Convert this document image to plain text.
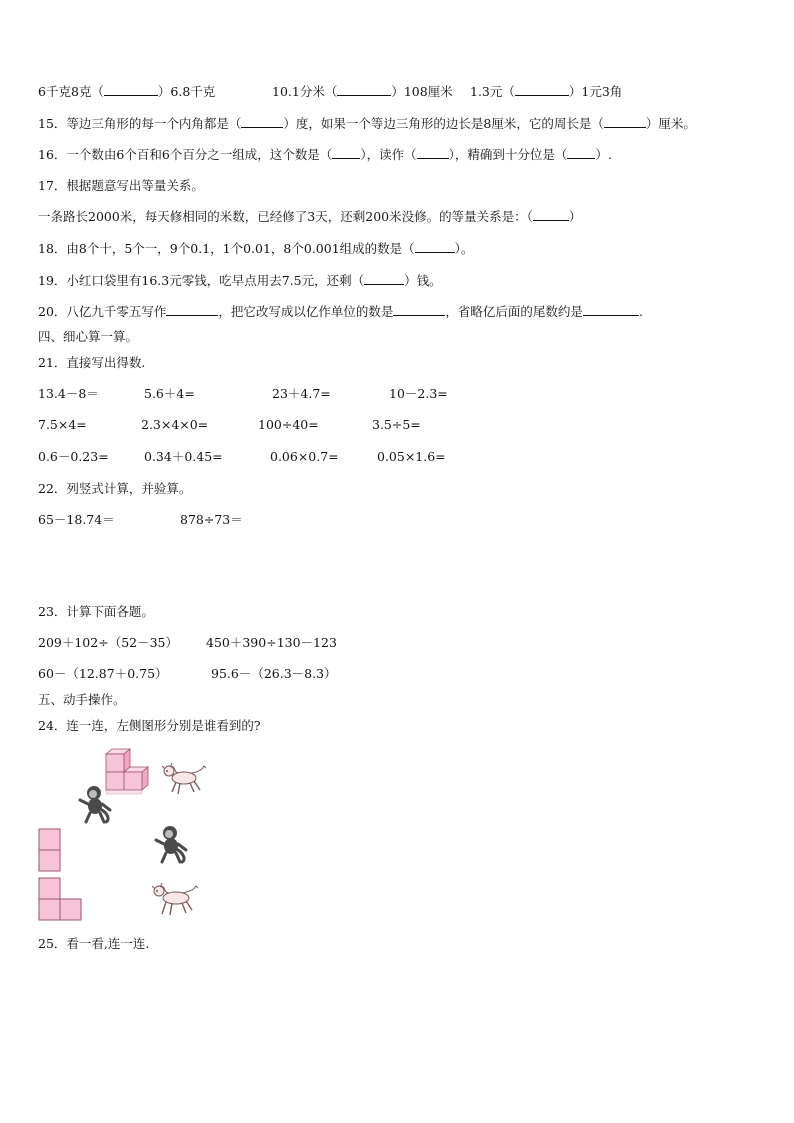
6千克8克（	）6.8千克	10.1分米（	）108厘米 1.3元（	）1元3角
15．等边三角形的每一个内角都是（	）度，如果一个等边三角形的边长是8厘米，它的周长是（	）厘米。
16．一个数由6个百和6个百分之一组成，这个数是（ ），读作（	），精确到十分位是（ ）.
17．根据题意写出等量关系。
一条路长2000米，每天修相同的米数，已经修了3天，还剩200米没修。的等量关系是：（	）
18．由8个十，5个一，9个0.1，1个0.01，8个0.001组成的数是（	）。
19．小红口袋里有16.3元零钱，吃早点用去7.5元，还剩（	）钱。
20．八亿九千零五写作	，把它改写成以亿作单位的数是	，省略亿后面的尾数约是	.
四、细心算一算。
21．直接写出得数.
13.4－8＝	5.6＋4=	23＋4.7=	10－2.3=
7.5×4=	2.3×4×0=	100÷40=	3.5÷5=
0.6－0.23=	0.34＋0.45=	0.06×0.7=	0.05×1.6=
22．列竖式计算，并验算。
65－18.74＝	878÷73＝
23．计算下面各题。
209＋102÷（52－35） 450＋390÷130－123
60－（12.87＋0.75）	95.6－（26.3－8.3）
五、动手操作。
24．连一连，左侧图形分别是谁看到的?
25．看一看,连一连.
